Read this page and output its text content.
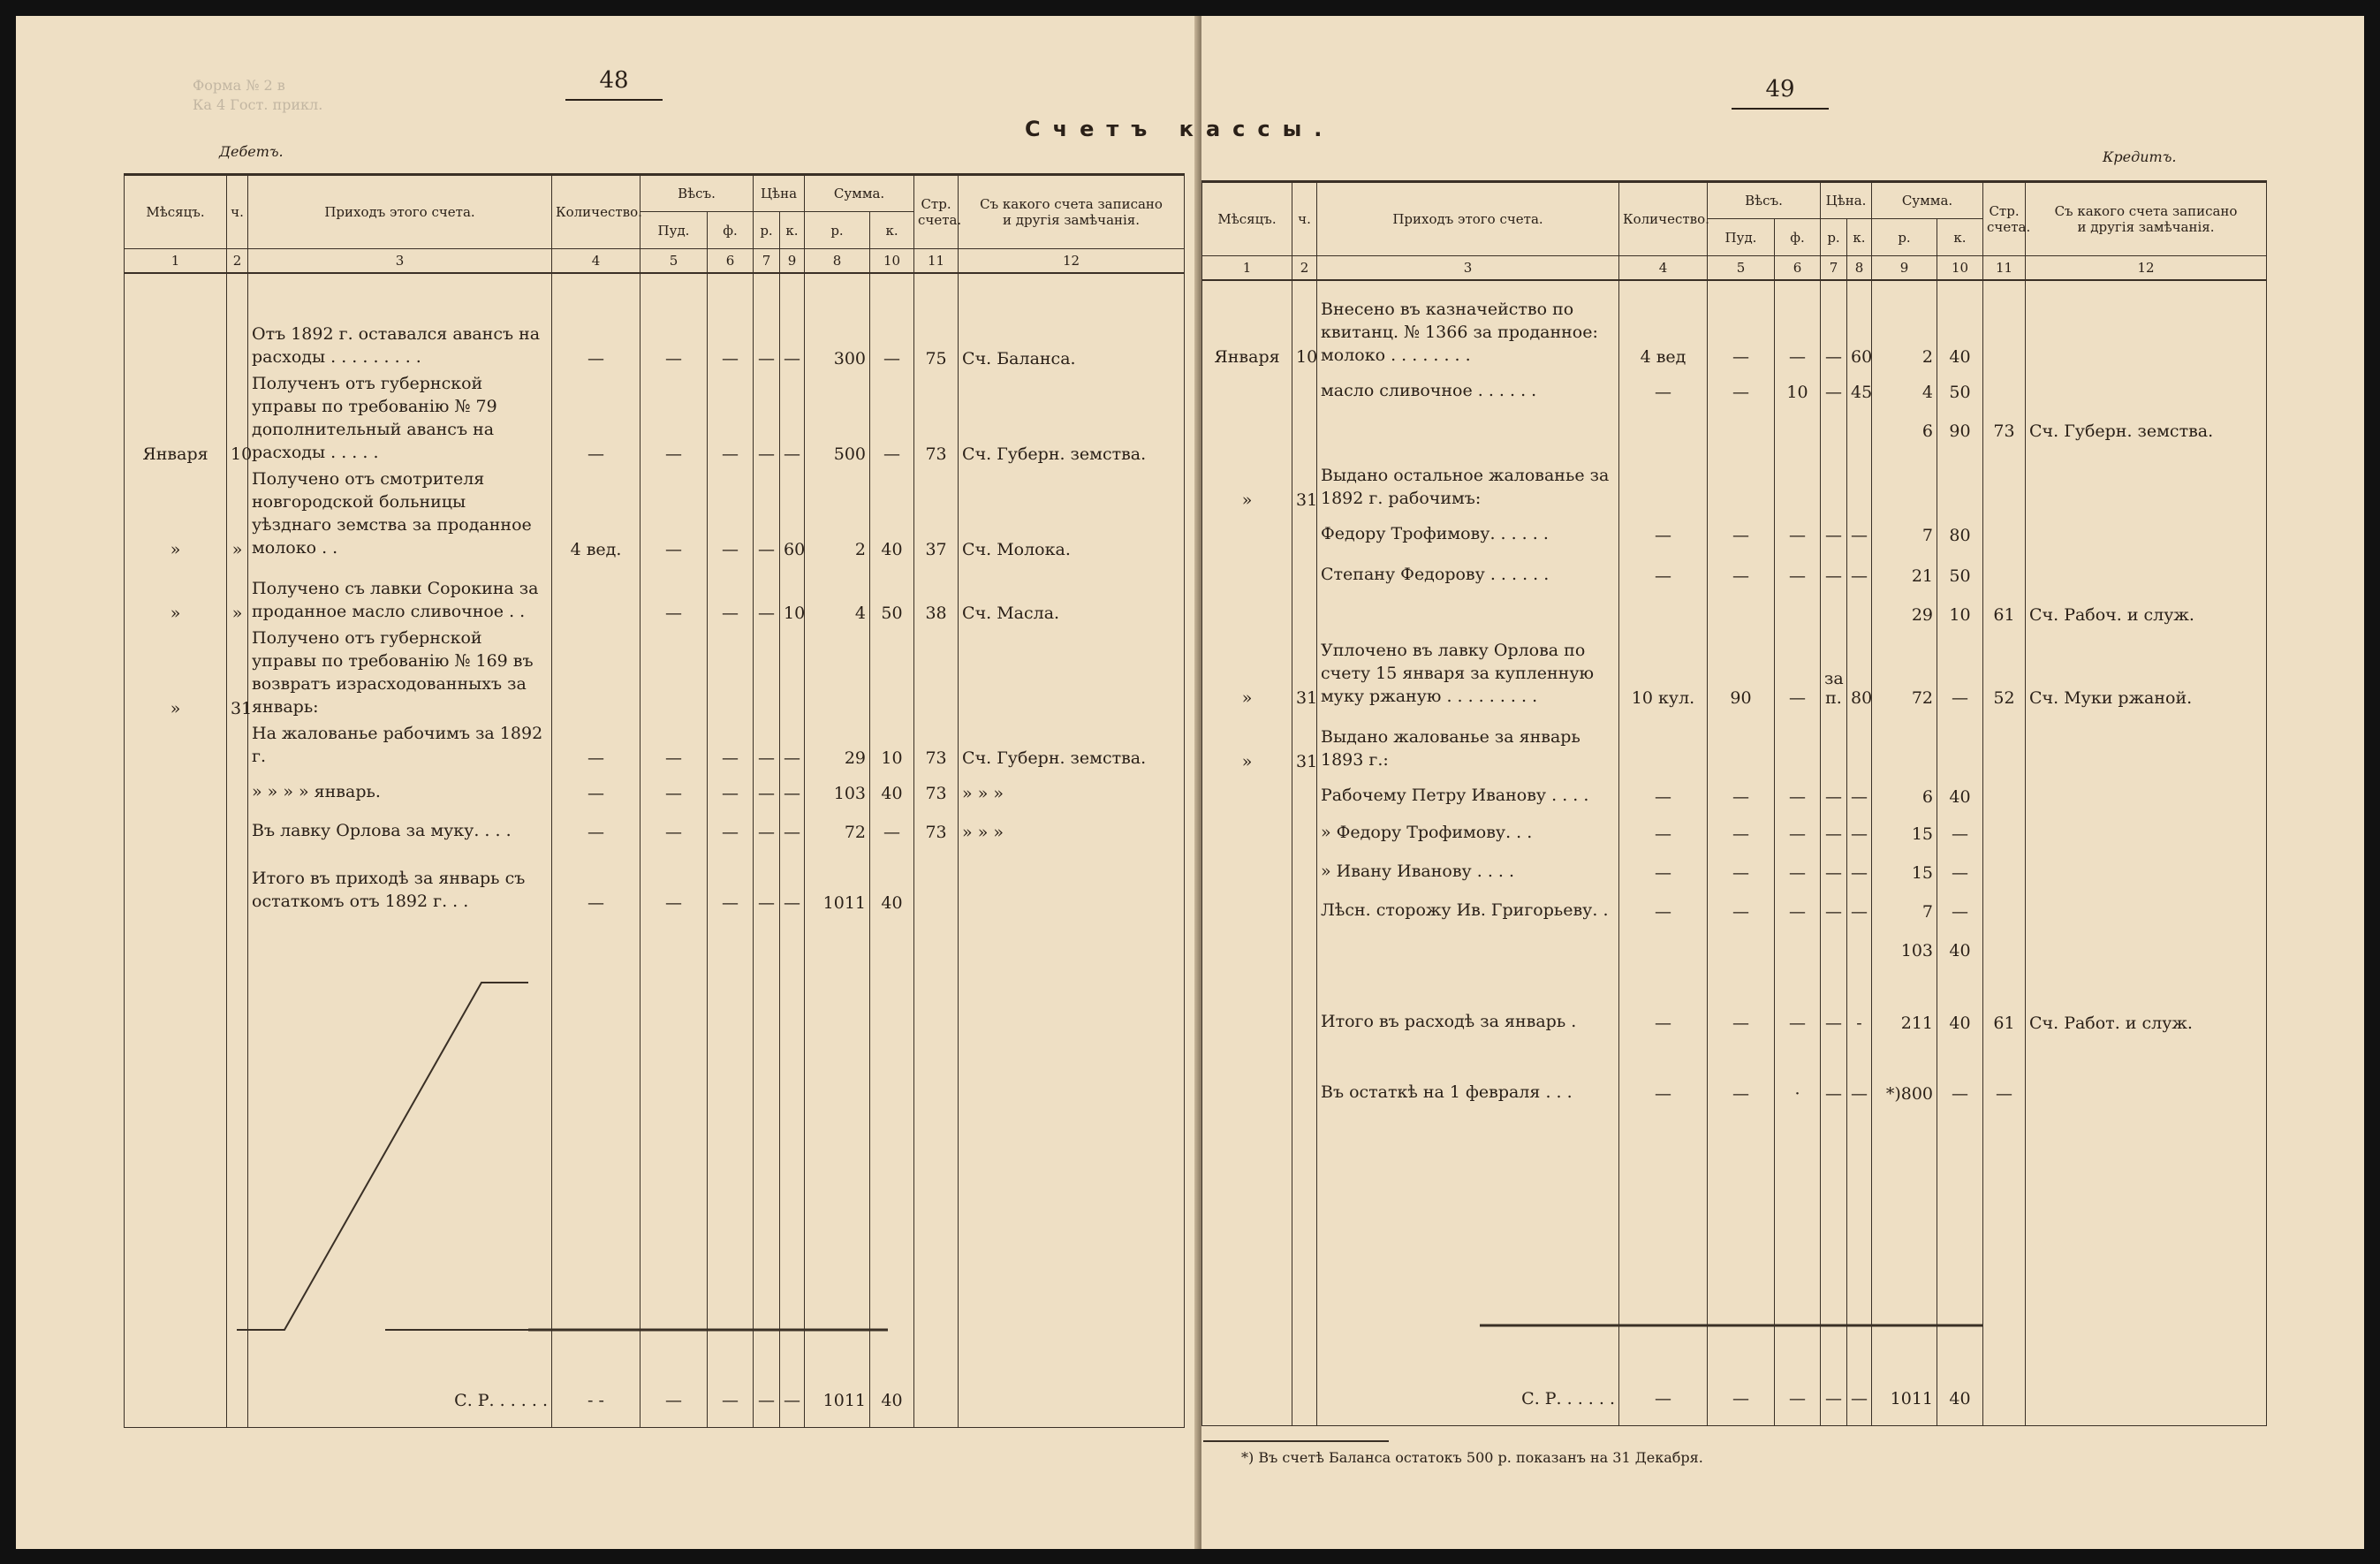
Форма № 2 в
Ка 4 Гост. прикл.
48	49
Дебетъ.	Кредитъ.
Счетъ кассы.
Мѣсяцъ.	ч.	Приходъ этого счета.	Количество.	Вѣсъ.		Цѣна		Сумма.		Стр.
счета.	Съ какого счета записано
и другія замѣчанія.
				Пуд.	ф.	р.	к.	р.	к.		
1	2	3	4	5	6	7	9	8	10	11	12
		Отъ 1892 г. оставался авансъ на расходы . . . . . . . . .	—	—	—	—	—	300	—	75	Сч. Баланса.
Января	10	Полученъ отъ губернской управы по требованію № 79 дополнительный авансъ на расходы . . . . .	—	—	—	—	—	500	—	73	Сч. Губерн. земства.
»	»	Получено отъ смотрителя новгородской больницы уѣзднаго земства за проданное молоко . .	4 вед.	—	—	—	60	2	40	37	Сч. Молока.
»	»	Получено съ лавки Сорокина за проданное масло сливочное . .		—	—	—	10	4	50	38	Сч. Масла.
»	31	Получено отъ губернской управы по требованію № 169 въ возвратъ израсходованныхъ за январь:									
		На жалованье рабочимъ за 1892 г.	—	—	—	—	—	29	10	73	Сч. Губерн. земства.
		» » » » январь.	—	—	—	—	—	103	40	73	» » »
		Въ лавку Орлова за муку. . . .	—	—	—	—	—	72	—	73	» » »
		Итого въ приходѣ за январь съ остаткомъ отъ 1892 г. . .	—	—	—	—	—	1011	40		

		С. Р. . . . . .	- -	—	—	—	—	1011	40		
Мѣсяцъ.	ч.	Приходъ этого счета.	Количество.	Вѣсъ.		Цѣна.		Сумма.		Стр.
счета.	Съ какого счета записано
и другія замѣчанія.
				Пуд.	ф.	р.	к.	р.	к.		
1	2	3	4	5	6	7	8	9	10	11	12
Января	10	Внесено въ казначейство по квитанц. № 1366 за проданное: молоко . . . . . . . .	4 вед	—	—	—	60	2	40		
		масло сливочное . . . . . .	—	—	10	—	45	4	50		
								6	90	73	Сч. Губерн. земства.
»	31	Выдано остальное жалованье за 1892 г. рабочимъ:									
		Федору Трофимову. . . . . .	—	—	—	—	—	7	80		
		Степану Федорову . . . . . .	—	—	—	—	—	21	50		
								29	10	61	Сч. Рабоч. и служ.
»	31	Уплочено въ лавку Орлова по счету 15 января за купленную муку ржаную . . . . . . . . .	10 кул.	90	—	за п.	80	72	—	52	Сч. Муки ржаной.
»	31	Выдано жалованье за январь 1893 г.:									
		Рабочему Петру Иванову . . . .	—	—	—	—	—	6	40		
		» Федору Трофимову. . .	—	—	—	—	—	15	—		
		» Ивану Иванову . . . .	—	—	—	—	—	15	—		
		Лѣсн. сторожу Ив. Григорьеву. .	—	—	—	—	—	7	—		
								103	40		
		Итого въ расходѣ за январь .	—	—	—	—	-	211	40	61	Сч. Работ. и служ.
		Въ остаткѣ на 1 февраля . . .	—	—	·	—	—	*)800	—	—	

		С. Р. . . . . .	—	—	—	—	—	1011	40		
*) Въ счетѣ Баланса остатокъ 500 р. показанъ на 31 Декабря.
